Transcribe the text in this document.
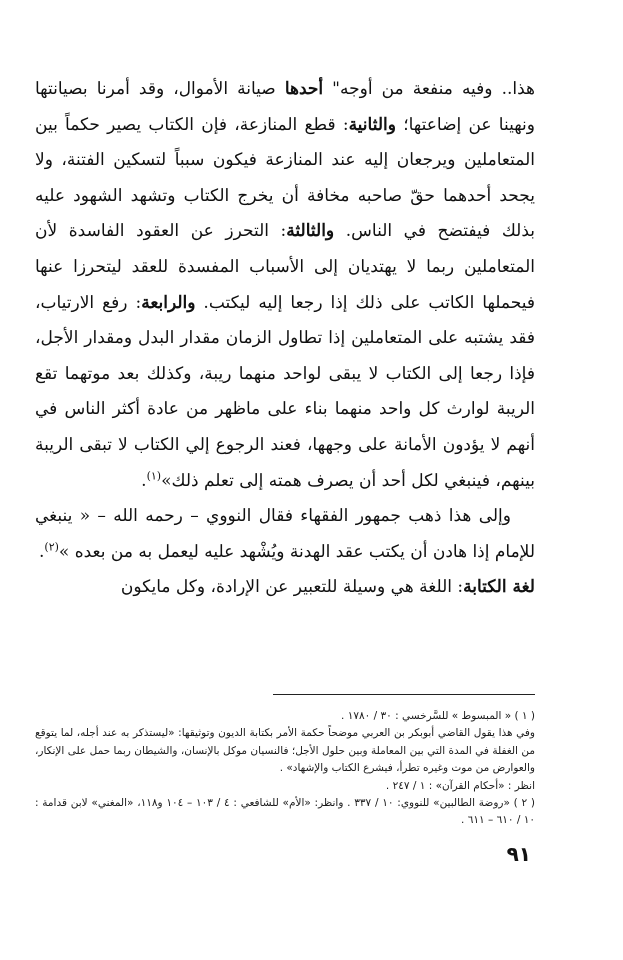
هذا.. وفيه منفعة من أوجه" أحدها صيانة الأموال، وقد أمرنا بصيانتها ونهينا عن إضاعتها؛ والثانية: قطع المنازعة، فإن الكتاب يصير حكماً بين المتعاملين ويرجعان إليه عند المنازعة فيكون سبباً لتسكين الفتنة، ولا يجحد أحدهما حقّ صاحبه مخافة أن يخرج الكتاب وتشهد الشهود عليه بذلك فيفتضح في الناس. والثالثة: التحرز عن العقود الفاسدة لأن المتعاملين ربما لا يهتديان إلى الأسباب المفسدة للعقد ليتحرزا عنها فيحملها الكاتب على ذلك إذا رجعا إليه ليكتب. والرابعة: رفع الارتياب، فقد يشتبه على المتعاملين إذا تطاول الزمان مقدار البدل ومقدار الأجل، فإذا رجعا إلى الكتاب لا يبقى لواحد منهما ريبة، وكذلك بعد موتهما تقع الريبة لوارث كل واحد منهما بناء على ماظهر من عادة أكثر الناس في أنهم لا يؤدون الأمانة على وجهها، فعند الرجوع إلي الكتاب لا تبقى الريبة بينهم، فينبغي لكل أحد أن يصرف همته إلى تعلم ذلك»$^{(١)}$.

وإلى هذا ذهب جمهور الفقهاء فقال النووي – رحمه الله – « ينبغي للإمام إذا هادن أن يكتب عقد الهدنة ويُشْهد عليه ليعمل به من بعده »$^{(٢)}$.

لغة الكتابة: اللغة هي وسيلة للتعبير عن الإرادة، وكل مايكون

( ١ ) « المبسوط » للسَّرخسي : ٣٠ / ١٧٨٠ .

وفي هذا يقول القاضي أبوبكر بن العربي موضحاً حكمة الأمر بكتابة الديون وتوثيقها: «ليستذكر به عند أجله، لما يتوقع من الغفلة في المدة التي بين المعاملة وبين حلول الأجل؛ فالنسيان موكل بالإنسان، والشيطان ربما حمل على الإنكار، والعوارض من موت وغيره تطرأ، فيشرع الكتاب والإشهاد» .

انظر : «أحكام القرآن» : ١ / ٢٤٧ .

( ٢ ) «روضة الطالبين» للنووي: ١٠ / ٣٣٧ . وانظر: «الأم» للشافعي : ٤ / ١٠٣ – ١٠٤ و١١٨، «المغني» لابن قدامة : ١٠ / ٦١٠ – ٦١١ .

٩١
